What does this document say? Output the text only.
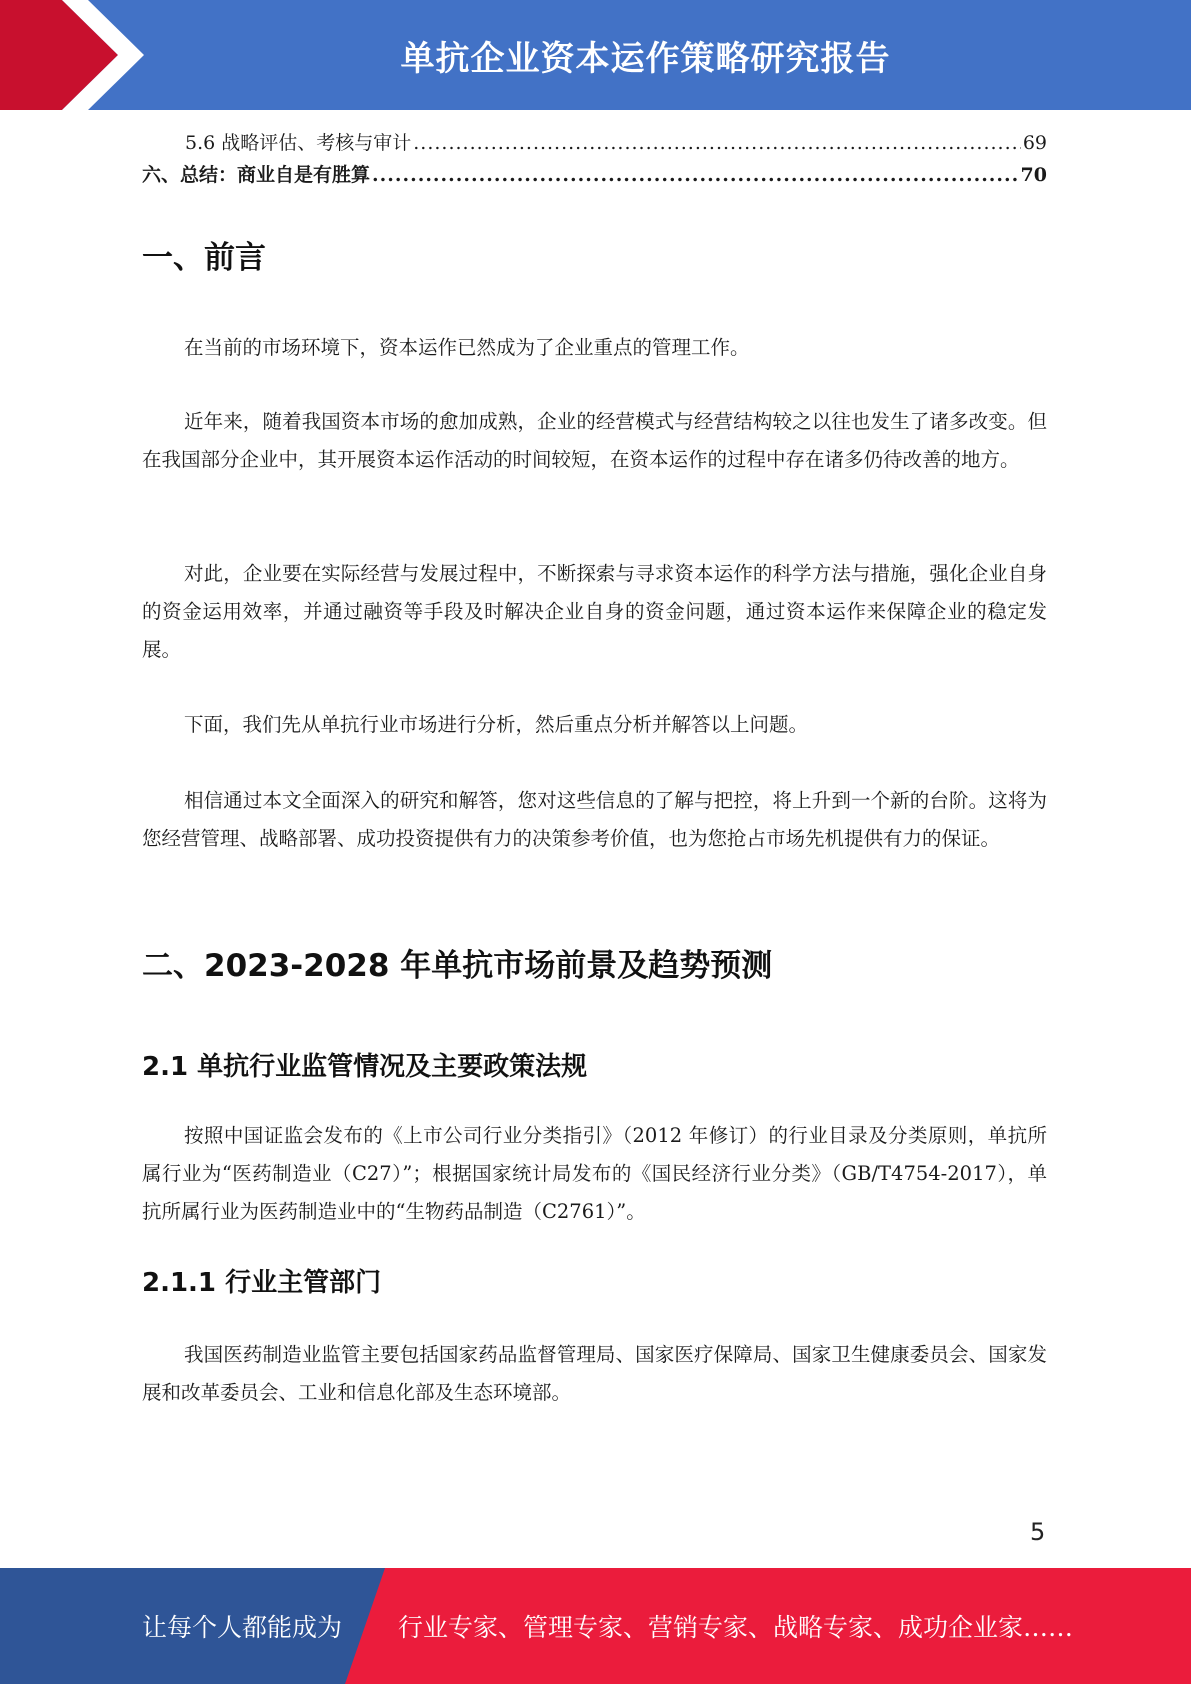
单抗企业资本运作策略研究报告
5.6 战略评估、考核与审计 .....	69
六、总结：商业自是有胜算 .....	70
一、前言

在当前的市场环境下，资本运作已然成为了企业重点的管理工作。

近年来，随着我国资本市场的愈加成熟，企业的经营模式与经营结构较之以往也发生了诸多改变。但在我国部分企业中，其开展资本运作活动的时间较短，在资本运作的过程中存在诸多仍待改善的地方。

对此，企业要在实际经营与发展过程中，不断探索与寻求资本运作的科学方法与措施，强化企业自身的资金运用效率，并通过融资等手段及时解决企业自身的资金问题，通过资本运作来保障企业的稳定发展。

下面，我们先从单抗行业市场进行分析，然后重点分析并解答以上问题。

相信通过本文全面深入的研究和解答，您对这些信息的了解与把控，将上升到一个新的台阶。这将为您经营管理、战略部署、成功投资提供有力的决策参考价值，也为您抢占市场先机提供有力的保证。

二、2023-2028 年单抗市场前景及趋势预测
2.1 单抗行业监管情况及主要政策法规

按照中国证监会发布的《上市公司行业分类指引》（2012 年修订）的行业目录及分类原则，单抗所属行业为“医药制造业（C27）”；根据国家统计局发布的《国民经济行业分类》（GB/T4754-2017），单抗所属行业为医药制造业中的“生物药品制造（C2761）”。

2.1.1 行业主管部门

我国医药制造业监管主要包括国家药品监督管理局、国家医疗保障局、国家卫生健康委员会、国家发展和改革委员会、工业和信息化部及生态环境部。

5
让每个人都能成为 行业专家、管理专家、营销专家、战略专家、成功企业家……
